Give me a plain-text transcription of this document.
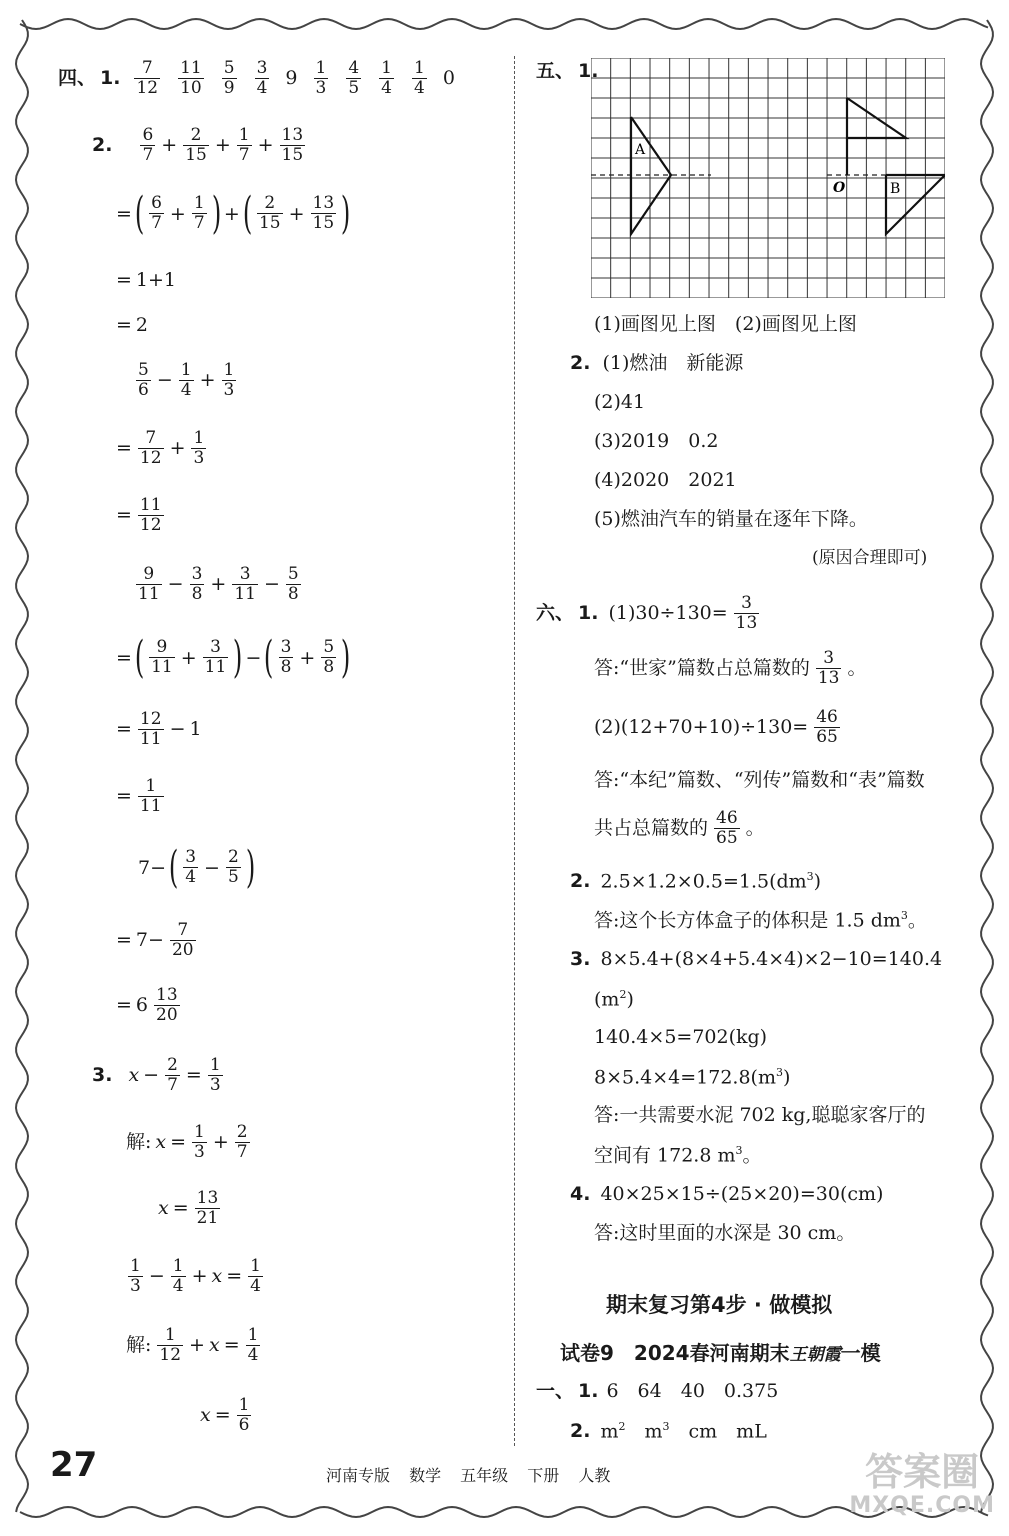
四、 1. 7
12
11
10
5
9
3
4 9 1
3
4
5
1
4
1
4 0
2. 6
$7 + \frac{2}{15} + \frac{1}{7} + \frac{13}{15}$
= ( 6
$7 + \frac{1}{7}$ ) + ( 2
$15 + \frac{13}{15}$ )
= 1+1
= 2
5
$6 - \frac{1}{4} + \frac{1}{3}$
= $\frac{7}{12} + \frac{1}{3}$
= $\frac{11}{12}$
9
$11 - \frac{3}{8} + \frac{3}{11} - \frac{5}{8}$
= ( 9
$11 + \frac{3}{11}$ ) − ( 3
$8 + \frac{5}{8}$ )
= $\frac{12}{11} - 1$
= $\frac{1}{11}$
7− ( 3
$4 - \frac{2}{5}$ )
= $7- \frac{7}{20}$
= 6 13
20
3. $x - \frac{2}{7} = \frac{1}{3}$
解: $x = \frac{1}{3} + \frac{2}{7}$
$x = \frac{13}{21}$
1
$3 - \frac{1}{4} + x = \frac{1}{4}$
解: 1
$12 + x = \frac{1}{4}$
$x = \frac{1}{6}$
五、 1.
A
B
O
(1)画图见上图　(2)画图见上图
2. (1)燃油　新能源
(2)41
(3)2019　0.2
(4)2020　2021
(5)燃油汽车的销量在逐年下降。
(原因合理即可)
六、 1. $(1)30\div 130= \frac{3}{13}$
答:“世家”篇数占总篇数的 3
13 。
$(2)(12+70+10)\div 130= \frac{46}{65}$
答:“本纪”篇数、“列传”篇数和“表”篇数
共占总篇数的 46
65 。
2. $2.5\times 1.2\times 0.5=1.5(dm^3)$
答:这个长方体盒子的体积是 1.5 $dm^3$。
3. 8×5.4+(8×4+5.4×4)×2−10=140.4
$(m^2)$
140.4×5=702(kg)
$8\times 5.4\times 4=172.8(m^3)$
答:一共需要水泥 702 kg,聪聪家客厅的
空间有 172.8 $m^3$。
4. 40×25×15÷(25×20)=30(cm)
答:这时里面的水深是 30 cm。
期末复习第4步 · 做模拟
试卷9　2024春河南期末王朝霞一模
一、 1. 6　64　40　0.375
2. $m^2$　$m^3$　cm　mL
27	河南专版 数学 五年级 下册 人教	答案圈
MXQE.COM
